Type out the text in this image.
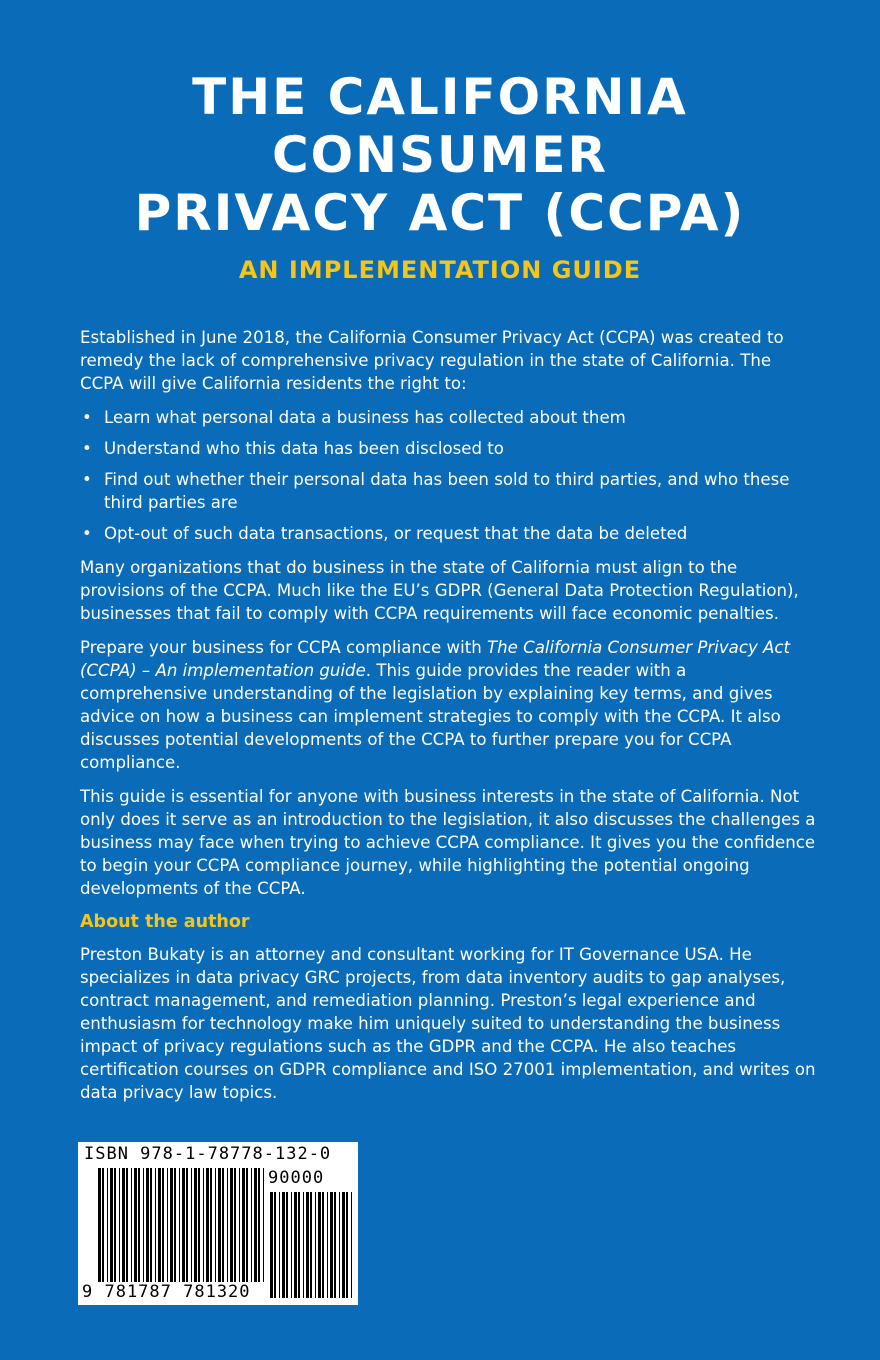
THE CALIFORNIA
CONSUMER
PRIVACY ACT (CCPA)
AN IMPLEMENTATION GUIDE

Established in June 2018, the California Consumer Privacy Act (CCPA) was created to remedy the lack of comprehensive privacy regulation in the state of California. The CCPA will give California residents the right to:

• Learn what personal data a business has collected about them
• Understand who this data has been disclosed to
• Find out whether their personal data has been sold to third parties, and who these third parties are
• Opt-out of such data transactions, or request that the data be deleted

Many organizations that do business in the state of California must align to the provisions of the CCPA. Much like the EU’s GDPR (General Data Protection Regulation), businesses that fail to comply with CCPA requirements will face economic penalties.

Prepare your business for CCPA compliance with The California Consumer Privacy Act (CCPA) – An implementation guide. This guide provides the reader with a comprehensive understanding of the legislation by explaining key terms, and gives advice on how a business can implement strategies to comply with the CCPA. It also discusses potential developments of the CCPA to further prepare you for CCPA compliance.

This guide is essential for anyone with business interests in the state of California. Not only does it serve as an introduction to the legislation, it also discusses the challenges a business may face when trying to achieve CCPA compliance. It gives you the confidence to begin your CCPA compliance journey, while highlighting the potential ongoing developments of the CCPA.

About the author

Preston Bukaty is an attorney and consultant working for IT Governance USA. He specializes in data privacy GRC projects, from data inventory audits to gap analyses, contract management, and remediation planning. Preston’s legal experience and enthusiasm for technology make him uniquely suited to understanding the business impact of privacy regulations such as the GDPR and the CCPA. He also teaches certification courses on GDPR compliance and ISO 27001 implementation, and writes on data privacy law topics.

ISBN 978-1-78778-132-0
90000
9 781787 781320
